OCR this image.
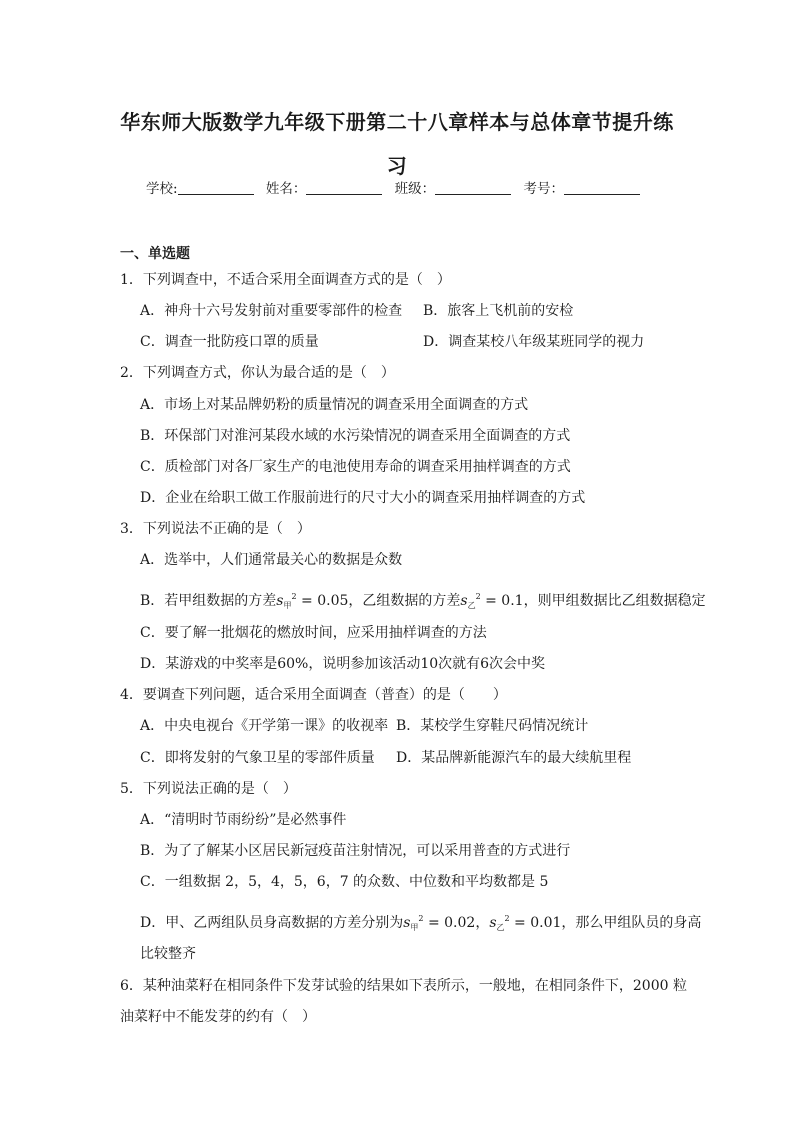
华东师大版数学九年级下册第二十八章样本与总体章节提升练
习
学校:	姓名：	班级：	考号：
一、单选题
1．下列调查中，不适合采用全面调查方式的是（　）
A．神舟十六号发射前对重要零部件的检查 B．旅客上飞机前的安检
C．调查一批防疫口罩的质量	D．调查某校八年级某班同学的视力
2．下列调查方式，你认为最合适的是（　）
A．市场上对某品牌奶粉的质量情况的调查采用全面调查的方式
B．环保部门对淮河某段水域的水污染情况的调查采用全面调查的方式
C．质检部门对各厂家生产的电池使用寿命的调查采用抽样调查的方式
D．企业在给职工做工作服前进行的尺寸大小的调查采用抽样调查的方式
3．下列说法不正确的是（　）
A．选举中，人们通常最关心的数据是众数
B．若甲组数据的方差$s_甲^2 = 0.05$，乙组数据的方差$s_乙^2 = 0.1$，则甲组数据比乙组数据稳定
C．要了解一批烟花的燃放时间，应采用抽样调查的方法
D．某游戏的中奖率是60%，说明参加该活动10次就有6次会中奖
4．要调查下列问题，适合采用全面调查（普查）的是（　　）
A．中央电视台《开学第一课》的收视率 B．某校学生穿鞋尺码情况统计
C．即将发射的气象卫星的零部件质量 D．某品牌新能源汽车的最大续航里程
5．下列说法正确的是（　）
A．“清明时节雨纷纷”是必然事件
B．为了了解某小区居民新冠疫苗注射情况，可以采用普查的方式进行
C．一组数据 2，5，4，5，6，7 的众数、中位数和平均数都是 5
D．甲、乙两组队员身高数据的方差分别为$s_甲^2 = 0.02$，$s_乙^2 = 0.01$，那么甲组队员的身高
比较整齐
6．某种油菜籽在相同条件下发芽试验的结果如下表所示，一般地，在相同条件下，2000 粒
油菜籽中不能发芽的约有（　）
